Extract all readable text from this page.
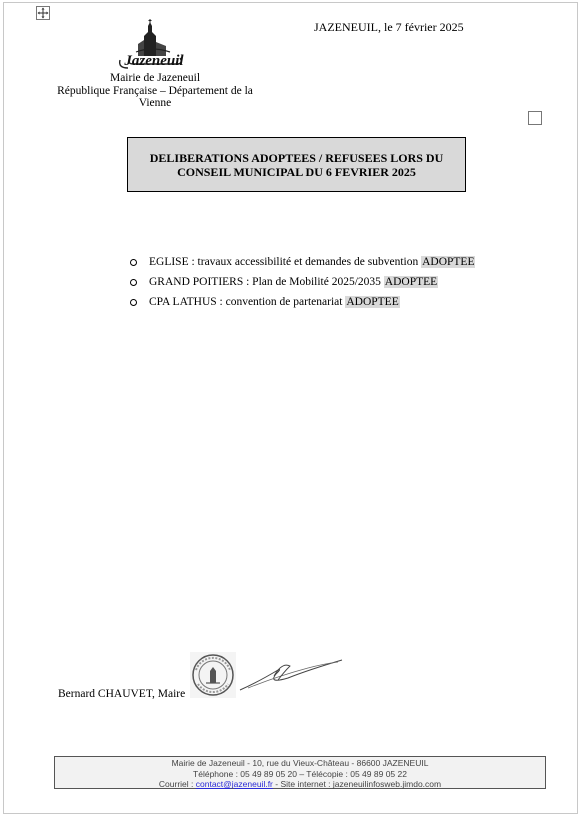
Jazeneuil
Mairie de Jazeneuil
République Française – Département de la
Vienne
JAZENEUIL, le 7 février 2025
DELIBERATIONS ADOPTEES / REFUSEES LORS DU
CONSEIL MUNICIPAL DU 6 FEVRIER 2025
EGLISE : travaux accessibilité et demandes de subvention
ADOPTEE
GRAND POITIERS : Plan de Mobilité 2025/2035
ADOPTEE
CPA LATHUS : convention de partenariat
ADOPTEE
Bernard CHAUVET, Maire
Mairie de Jazeneuil - 10, rue du Vieux-Château - 86600 JAZENEUIL
Téléphone : 05 49 89 05 20 – Télécopie : 05 49 89 05 22
Courriel : contact@jazeneuil.fr - Site internet : jazeneuilinfosweb.jimdo.com
